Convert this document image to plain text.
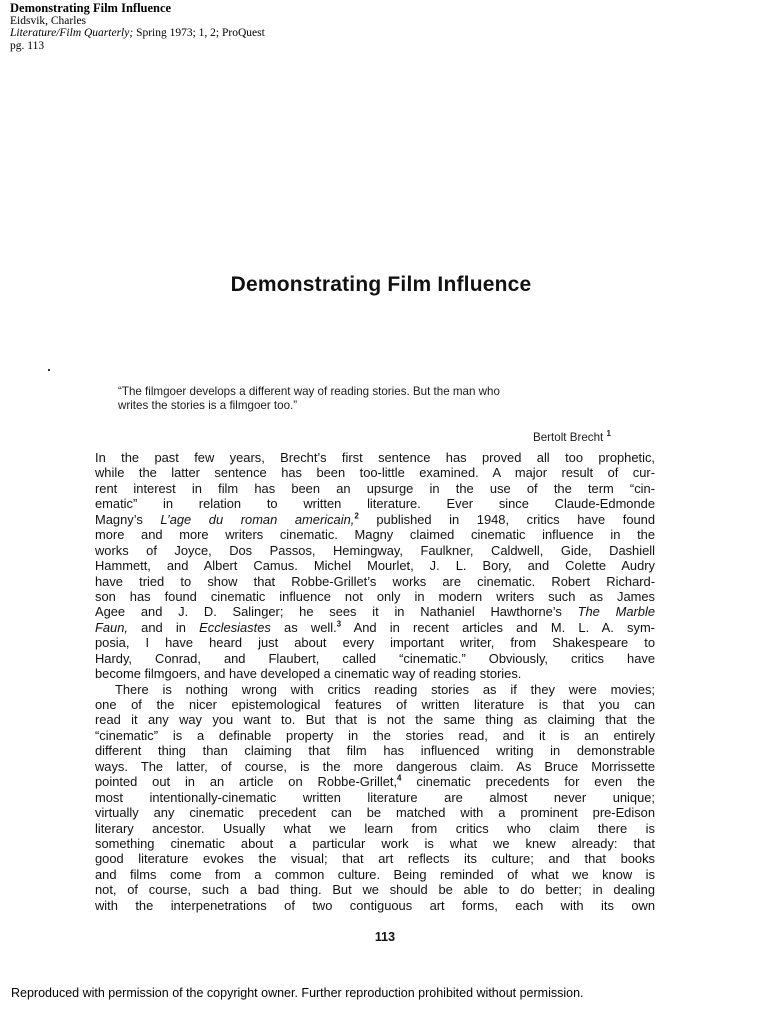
Demonstrating Film Influence
Eidsvik, Charles
Literature/Film Quarterly; Spring 1973; 1, 2; ProQuest
pg. 113
Demonstrating Film Influence
“The filmgoer develops a different way of reading stories. But the man who
writes the stories is a filmgoer too.”
Bertolt Brecht $^1$
In the past few years, Brecht’s first sentence has proved all too prophetic,
while the latter sentence has been too-little examined. A major result of cur-
rent interest in film has been an upsurge in the use of the term “cin-
ematic” in relation to written literature. Ever since Claude-Edmonde
Magny’s L’age du roman americain,$^2$ published in 1948, critics have found
more and more writers cinematic. Magny claimed cinematic influence in the
works of Joyce, Dos Passos, Hemingway, Faulkner, Caldwell, Gide, Dashiell
Hammett, and Albert Camus. Michel Mourlet, J. L. Bory, and Colette Audry
have tried to show that Robbe-Grillet’s works are cinematic. Robert Richard-
son has found cinematic influence not only in modern writers such as James
Agee and J. D. Salinger; he sees it in Nathaniel Hawthorne’s The Marble
Faun, and in Ecclesiastes as well.$^3$ And in recent articles and M. L. A. sym-
posia, I have heard just about every important writer, from Shakespeare to
Hardy, Conrad, and Flaubert, called “cinematic.” Obviously, critics have
become filmgoers, and have developed a cinematic way of reading stories.
There is nothing wrong with critics reading stories as if they were movies;
one of the nicer epistemological features of written literature is that you can
read it any way you want to. But that is not the same thing as claiming that the
“cinematic” is a definable property in the stories read, and it is an entirely
different thing than claiming that film has influenced writing in demonstrable
ways. The latter, of course, is the more dangerous claim. As Bruce Morrissette
pointed out in an article on Robbe-Grillet,$^4$ cinematic precedents for even the
most intentionally-cinematic written literature are almost never unique;
virtually any cinematic precedent can be matched with a prominent pre-Edison
literary ancestor. Usually what we learn from critics who claim there is
something cinematic about a particular work is what we knew already: that
good literature evokes the visual; that art reflects its culture; and that books
and films come from a common culture. Being reminded of what we know is
not, of course, such a bad thing. But we should be able to do better; in dealing
with the interpenetrations of two contiguous art forms, each with its own
113
Reproduced with permission of the copyright owner. Further reproduction prohibited without permission.
